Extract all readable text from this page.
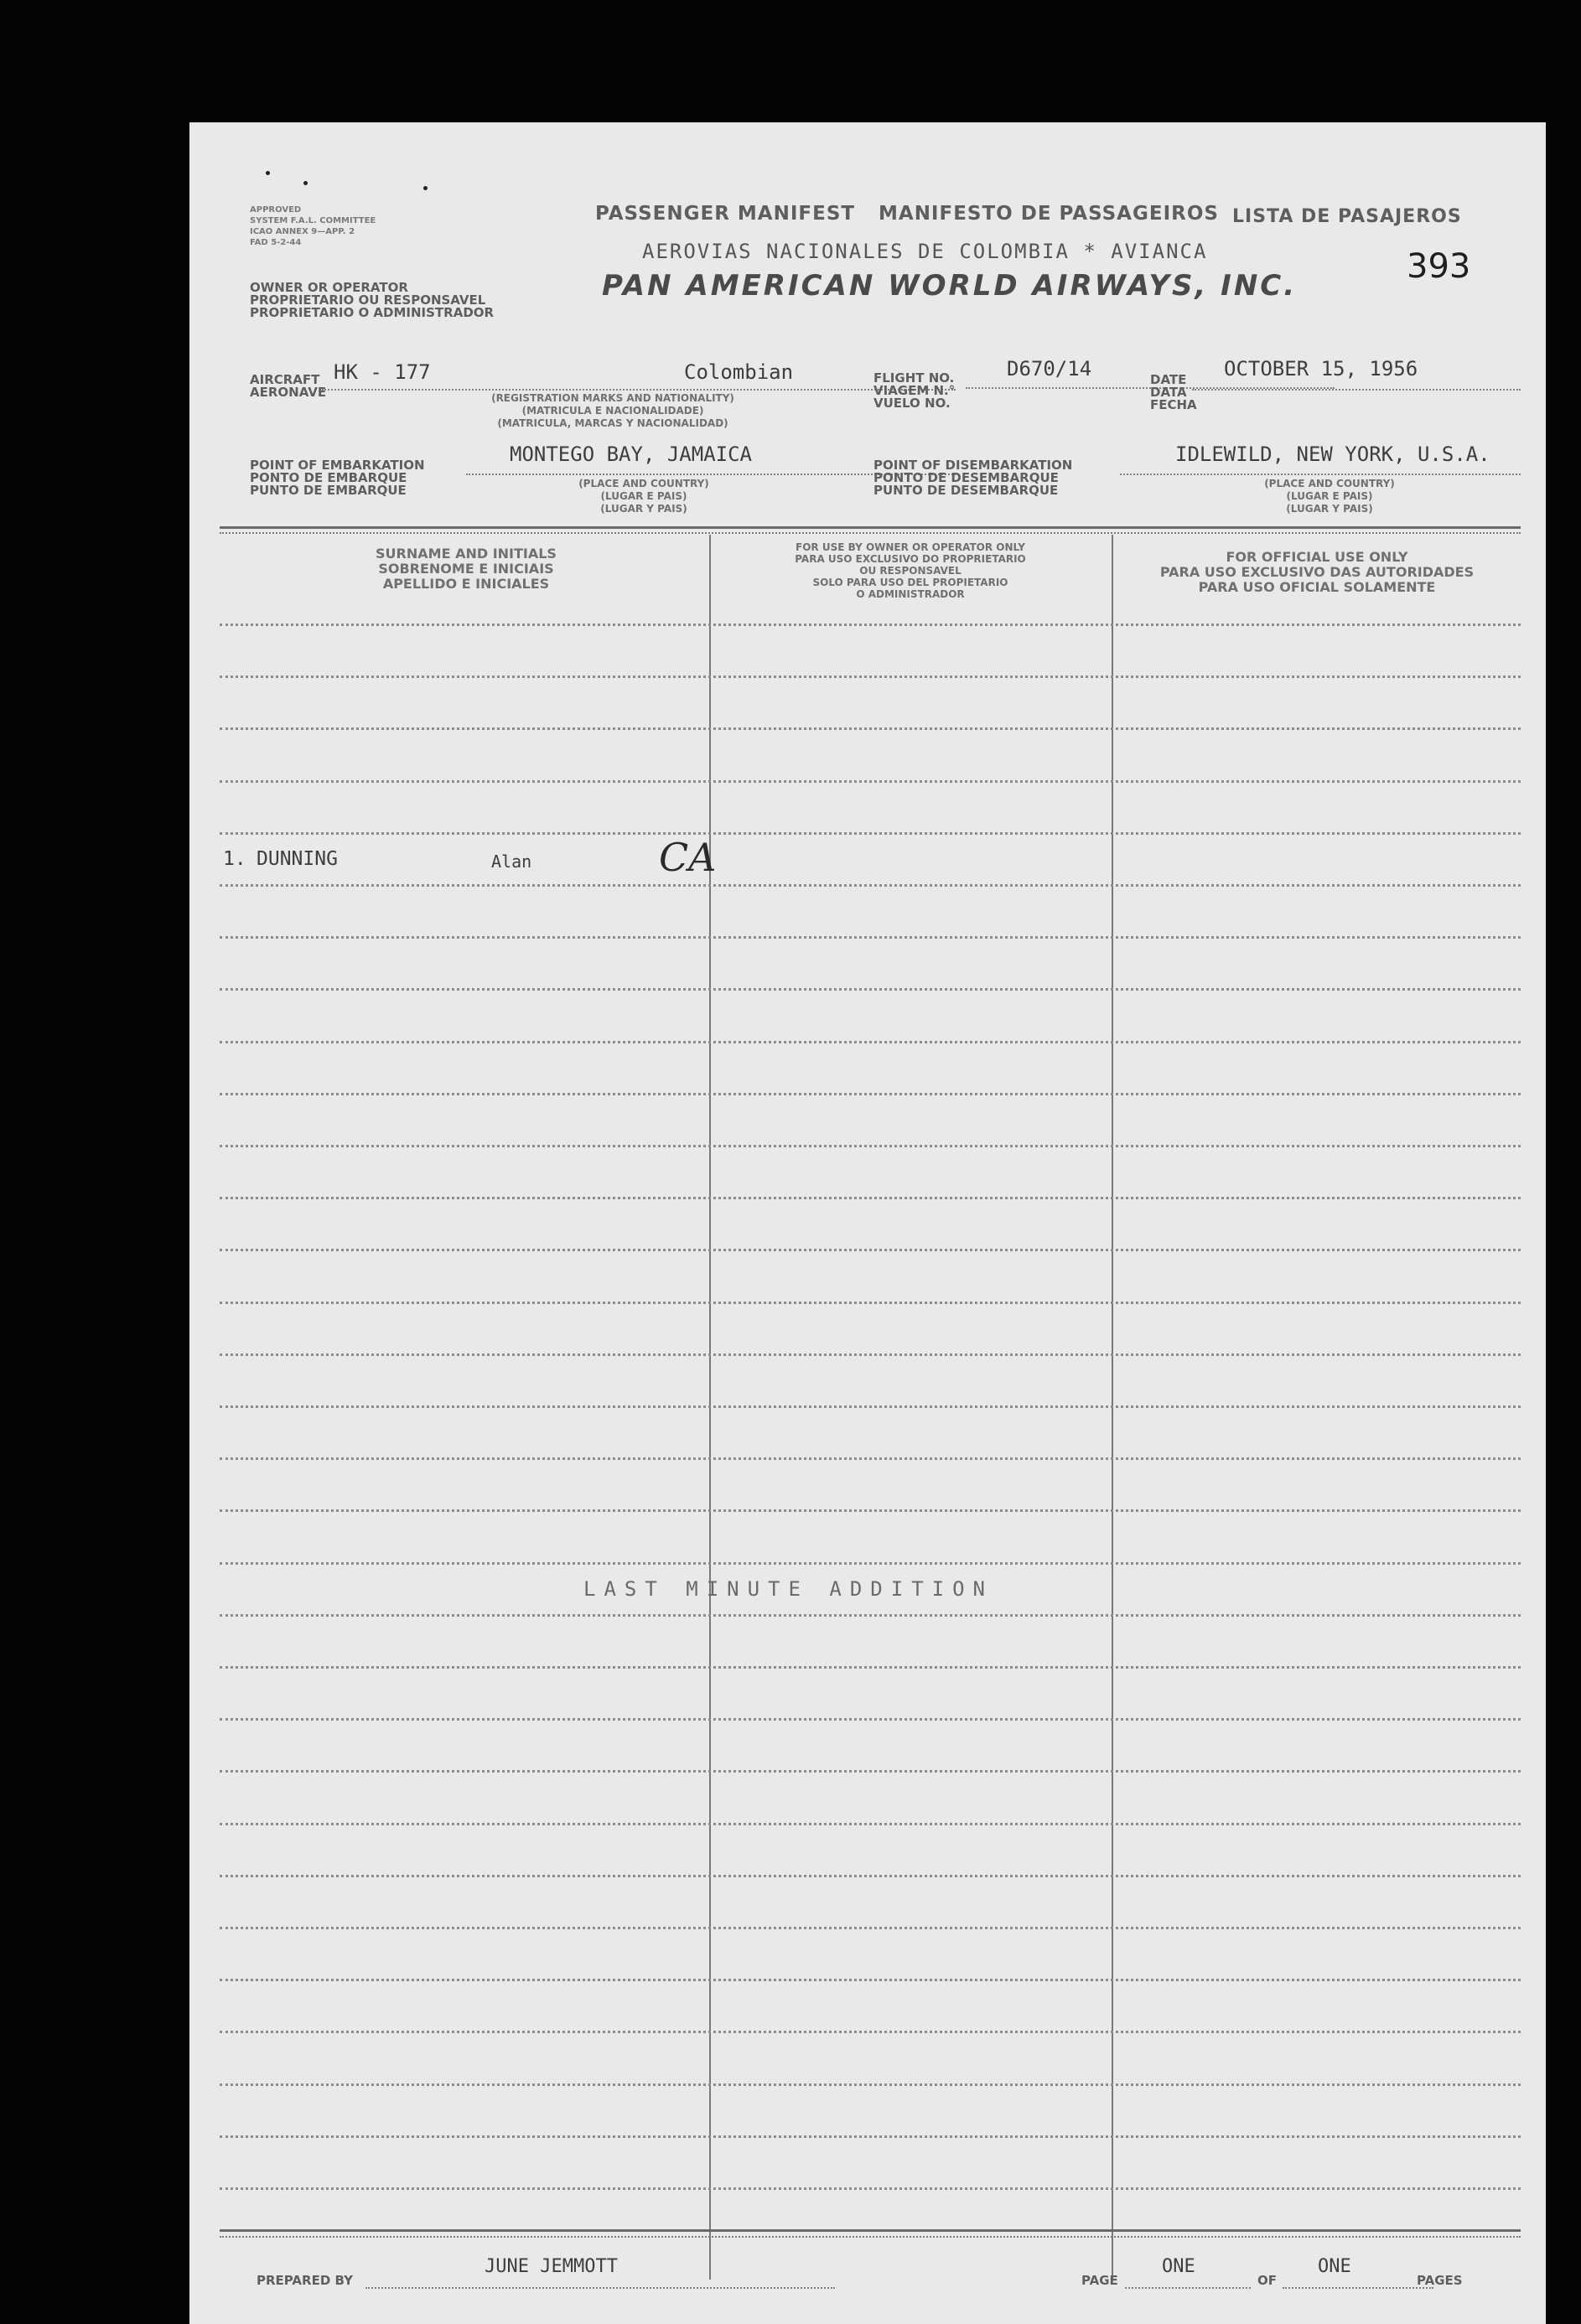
APPROVED
SYSTEM F.A.L. COMMITTEE
ICAO ANNEX 9—APP. 2
FAD 5-2-44
OWNER OR OPERATOR
PROPRIETARIO OU RESPONSAVEL
PROPRIETARIO O ADMINISTRADOR
PASSENGER MANIFEST MANIFESTO DE PASSAGEIROS LISTA DE PASAJEROS
AEROVIAS NACIONALES DE COLOMBIA * AVIANCA
PAN AMERICAN WORLD AIRWAYS, INC.	393
AIRCRAFT
AERONAVE
HK - 177	Colombian
(REGISTRATION MARKS AND NATIONALITY)
(MATRICULA E NACIONALIDADE)
(MATRICULA, MARCAS Y NACIONALIDAD)
FLIGHT NO.
VIAGEM N.°
VUELO NO.
D670/14	DATE
DATA
FECHA
OCTOBER 15, 1956
POINT OF EMBARKATION
PONTO DE EMBARQUE
PUNTO DE EMBARQUE
MONTEGO BAY, JAMAICA
(PLACE AND COUNTRY)
(LUGAR E PAIS)
(LUGAR Y PAIS)
POINT OF DISEMBARKATION
PONTO DE DESEMBARQUE
PUNTO DE DESEMBARQUE
IDLEWILD, NEW YORK, U.S.A.
(PLACE AND COUNTRY)
(LUGAR E PAIS)
(LUGAR Y PAIS)
SURNAME AND INITIALS
SOBRENOME E INICIAIS
APELLIDO E INICIALES
FOR USE BY OWNER OR OPERATOR ONLY
PARA USO EXCLUSIVO DO PROPRIETARIO
OU RESPONSAVEL
SOLO PARA USO DEL PROPIETARIO
O ADMINISTRADOR
FOR OFFICIAL USE ONLY
PARA USO EXCLUSIVO DAS AUTORIDADES
PARA USO OFICIAL SOLAMENTE
1. DUNNING	Alan	CA
LAST MINUTE ADDITION
PREPARED BY
JUNE JEMMOTT
PAGE
ONE
OF
ONE
PAGES
